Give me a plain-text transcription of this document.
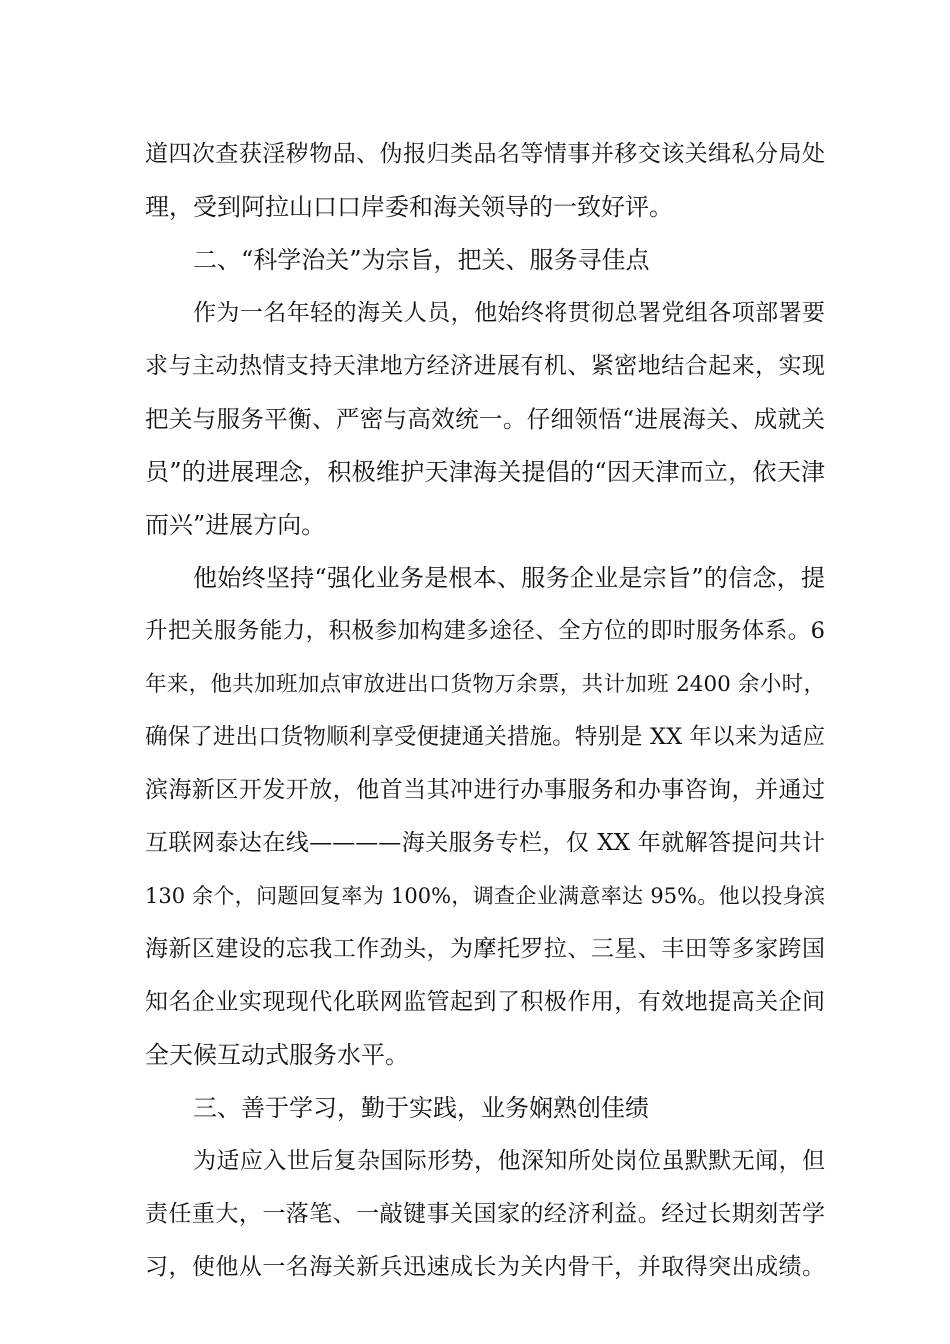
道四次查获淫秽物品、伪报归类品名等情事并移交该关缉私分局处
理，受到阿拉山口口岸委和海关领导的一致好评。
二、“科学治关”为宗旨，把关、服务寻佳点
作为一名年轻的海关人员，他始终将贯彻总署党组各项部署要
求与主动热情支持天津地方经济进展有机、紧密地结合起来，实现
把关与服务平衡、严密与高效统一。仔细领悟“进展海关、成就关
员”的进展理念，积极维护天津海关提倡的“因天津而立，依天津
而兴”进展方向。
他始终坚持“强化业务是根本、服务企业是宗旨”的信念，提
升把关服务能力，积极参加构建多途径、全方位的即时服务体系。6
年来，他共加班加点审放进出口货物万余票，共计加班 2400 余小时，
确保了进出口货物顺利享受便捷通关措施。特别是 XX 年以来为适应
滨海新区开发开放，他首当其冲进行办事服务和办事咨询，并通过
互联网泰达在线————海关服务专栏，仅 XX 年就解答提问共计
130 余个，问题回复率为 100%，调查企业满意率达 95%。他以投身滨
海新区建设的忘我工作劲头，为摩托罗拉、三星、丰田等多家跨国
知名企业实现现代化联网监管起到了积极作用，有效地提高关企间
全天候互动式服务水平。
三、善于学习，勤于实践，业务娴熟创佳绩
为适应入世后复杂国际形势，他深知所处岗位虽默默无闻，但
责任重大，一落笔、一敲键事关国家的经济利益。经过长期刻苦学
习，使他从一名海关新兵迅速成长为关内骨干，并取得突出成绩。
